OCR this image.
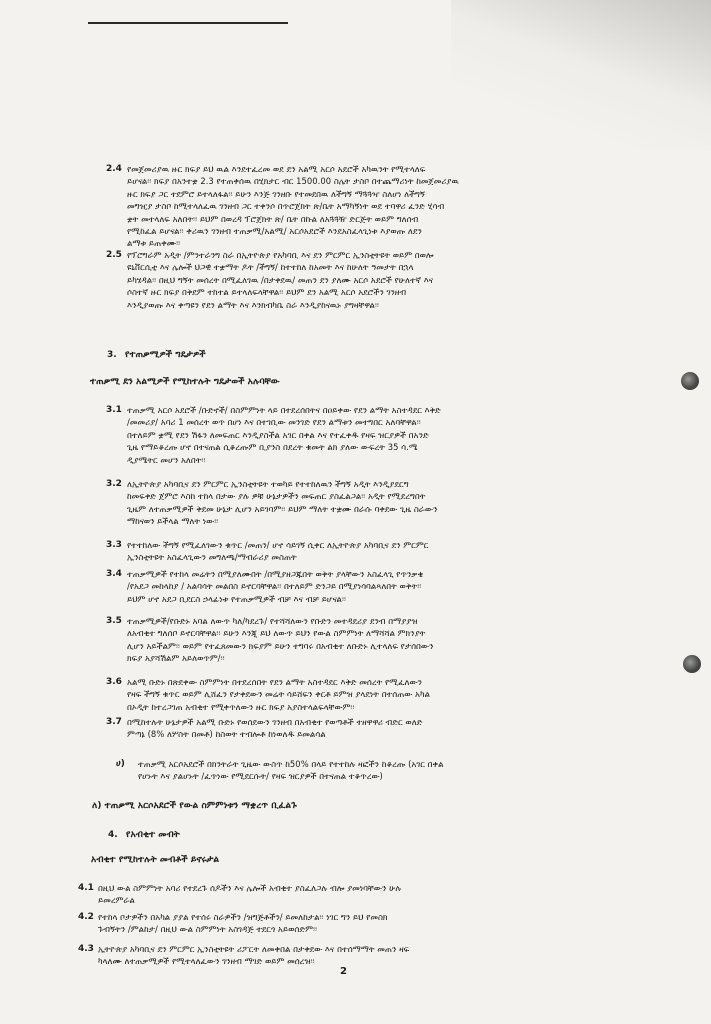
2.4 የመጀመሪያዉ ዙር ክፍያ ይህ ዉል እንደተፈረመ ወደ ደን አልሚ አርሶ አደሮች አካዉንት የሚተላለፍ
ይሆናል፡፡ ክፍያ በአንተቋ 2.3 የተጠቀሰዉ በሂክታር ብር 1500.00 ስሌት ታስቦ በተጨማሪነት ከመጀመሪያዉ
ዙር ክፍያ ጋር ተደምሮ ይተላለፋል፡፡ ይሁን እንጅ ገንዘቡ የተመደበዉ ለችግኝ ማጓጓዣ ስለሆነ ለችግኝ
መግዢያ ታስቦ ከሚተላለፈዉ ገንዘብ ጋር ተቀንሶ በጥሮጀክት ጽ/ቤት አማካኝነት ወደ ተባዋሪ ፈንድ ሂሳብ
ቋት መተላለፍ አለበት፡፡ ይህም በወረዳ ፕሮጀክት ጽ/ ቤት በኩል ለአጓጓዥ ድርጅት ወይም ግለሰብ
የሚከፈል ይሆናል፡፡ ቀሪዉን ገንዘብ ተጠቃሚ/አልሚ/ አርሶአደሮች እንደአስፈላጊነቱ እያወጡ ለደን
ልማቱ ይጠቀሙ፡፡
2.5 የፕሮግራም አዲት /ምንተራንግ ስራ በኢትዮጵያ የአካባቢ እና ደን ምርምር ኢንስቲትዩት ወይም በወሎ
ዩኒቨርሲቲ እና ሌሎች ህጋዊ ተቋማት ዶት /ችግኝ/ ከተተከለ ከአመት እና ከሁለት ዓመታት በኋላ
ይካሄዳል፡፡ በዚህ ግኝት መሰረት በሚፈለገዉ /በታቀደዉ/ መጠን ደን ያለሙ አርሶ አደሮች የሁለተኛ እና
ሶስተኛ ዙር ክፍያ በቅደም ተከተል ይተላለፍላቸዋል፡፡ ይህም ደን አልሚ አርሶ አደሮችን ገንዘብ
እንዲያወጡ እና ቀጣዩን የደን ልማት እና እንክብካቤ ስራ እንዲያከናዉኑ ያግዛቸዋል፡፡
3. የተጠቃሚዎች ግዴታዎች
ተጠቃሚ ደን አልሚዎች የሚከተሉት ግዴታወች አሉባቸው
3.1 ተጠቃሚ አርሶ አደሮች /ቡድኖች/ በስምምነት ላይ በተደረሰበትና በዐይቀው የደን ልማት አስተዳደር እቅድ
/መመሪያ/ አባሪ 1 መሰረት ወጥ በሆነ እና በተገቢው መንገድ የደን ልማቱን መተግበር አለባቸዋል፡፡
በተለይም ቋሚ የደን ሽፋን ለመፍጠር እንዲያስችል አገር በቀል እና የተፈቀዱ የዛፍ ዝርያዎች በአንድ
ጊዜ የማይቆረጡ ሆኖ በተናጠል ሲቆረጡም ቢያንስ በደረት ቁመት ልክ ያለው ውፍረት 35 ሳ.ሜ
ዲያሜትር መሆን አለበት፡፡
3.2 ለኢትዮጵያ አካባቢና ደን ምርምር ኢንስቲትዩት ተወካይ የተተከለዉን ችግኝ አዲት እንዲያደርግ
ከመፍቀድ ጀምሮ እስከ ተከላ በታው ያሉ ዎቹ ሁኔታዎችን መፍጠር ያስፈልጋል፡፡ አዲት የሚደረግበት
ጊዜም ለተጠቃሚዎች ቅደመ ሁኔታ ሊሆን አይገባም፡፡ ይህም ማለት ተቋሙ በራሱ ባቀደው ጊዜ ስራውን
ማከናወን ይችላል ማለት ነው፡፡
3.3 የተተከለው ችግኝ የሚፈለገውን ቁጥር /መጠን/ ሆኖ ሳይገኝ ሲቀር ለኢትዮጵያ አካባቢና ደን ምርምር
ኢንስቲትዩት አስፈላጊውን መግለጫ/ማብራሪያ መስጠት
3.4 ተጠቃሚዎች የተከላ መሬትን በሚያለሙበት /በሚያዘጋጁበት ወቅት ያላቸውን አስፈላጊ የጥንቃቄ
/የአደጋ መከላከያ / አልባሳት መልበስ ይኖርባቸዋል፡፡ በተለይም ድንጋይ በሚያነሳባልጻለበት ወቅት፡፡
ይህም ሆኖ አደጋ ቢደርስ ኃላፊነቱ የተጠቃሚዎች ብቻ እና ብቻ ይሆናል፡፡
3.5 ተጠቃሚዎች/የቡድኑ አባል ለውጥ ካለ/ካደረጉ/ የተሻሻለውን የቡድን መተዳደሪያ ደንብ በማያያዝ
ለአብቂተ ግለሰቦ ይኖርባቸዋል፡፡ ይሁን እንጂ ይህ ለውጥ ይህን የውል ስምምነት ለማሻሻል ምክንያት
ሊሆን አይችልም፡፡ ወይም የተፈጸመውን ክፍያም ይሁን ተግባሩ በአብቂተ ለቡድኑ ሊተላለፍ የታሰበውን
ክፍያ አያሻሽልም አይለወጥም/፡፡
3.6 አልሚ ቡድኑ በጽደቀው ስምምነት በተደረሰበት የደን ልማት አስተዳደር እቅድ መሰረት የሚፈለውን
የዛፍ ችግኝ ቁጥር ወይም ሊሸፈን የታቀደውን መሬት ሳይሸፍን ቀርቶ ይምዝ ያላደነት በተሰጠው አካል
በኦዲት ከተረጋገጠ አብቂተ የሚቀጥለውን ዙር ክፍያ አያስተላልፍላቸውም፡፡
3.7 በሚከተሉት ሁኔታዎች አልሚ ቡድኑ የወሰደውን ገንዘብ በአብቂተ የወጣቶች ተዘዋዋሪ ብድር ወለድ
ምጣኔ (8% ለሦስት በመቶ) ከስወት ተብሎቶ ከነወለዱ ይመልሳል
ሀ) ተጠቃሚ አርሶአደሮች በክንትራት ጊዜው ውስጥ ከ50% በላይ የተተከሉ ዛፎችን ከቆረጡ (አገር በቀል
የሆኑት እና ያልሆኑት /ፈጥነው የሚደርሱት/ የዛፍ ዝርያዎች በተናጠል ተቆጥረው)
ለ) ተጠቃሚ አርሶአደሮች የውል ስምምነቱን ማቋረጥ ቢፈልጉ
4. የአብቂተ መብት
አብቂተ የሚከተሉት መብቶች ይኖሩታል
4.1 በዚህ ውል ስምምነት አባሪ የተደረጉ ሰዶችን እና ሌሎች አብቂተ ያስፈለጋሉ ብሎ ያመነባቸውን ሁሉ
ይመረምራል
4.2 የተከላ ቦታዎችን በአካል ያያል የተሰሩ ስራዎችን /ዝግጅቶችን/ ይመለከታል፡፡ ነገር ግን ይህ የመስክ
ጉብኝትን /ምልከታ/ በዚህ ውል ስምምነት አስገዳጅ ተደርጎ አይወሰድም፡፡
4.3 ኢትዮጵያ አካባቢና ደን ምርምር ኢንስቲትዩት ሪፖርት ለመቀበል በታቀደው እና በተሰማማት መጠን ዛፍ
ካላለሙ ለተጠቃሚዎች የሚተላለፈውን ገንዘብ ማገድ ወይም መሰረዝ፡፡
2
